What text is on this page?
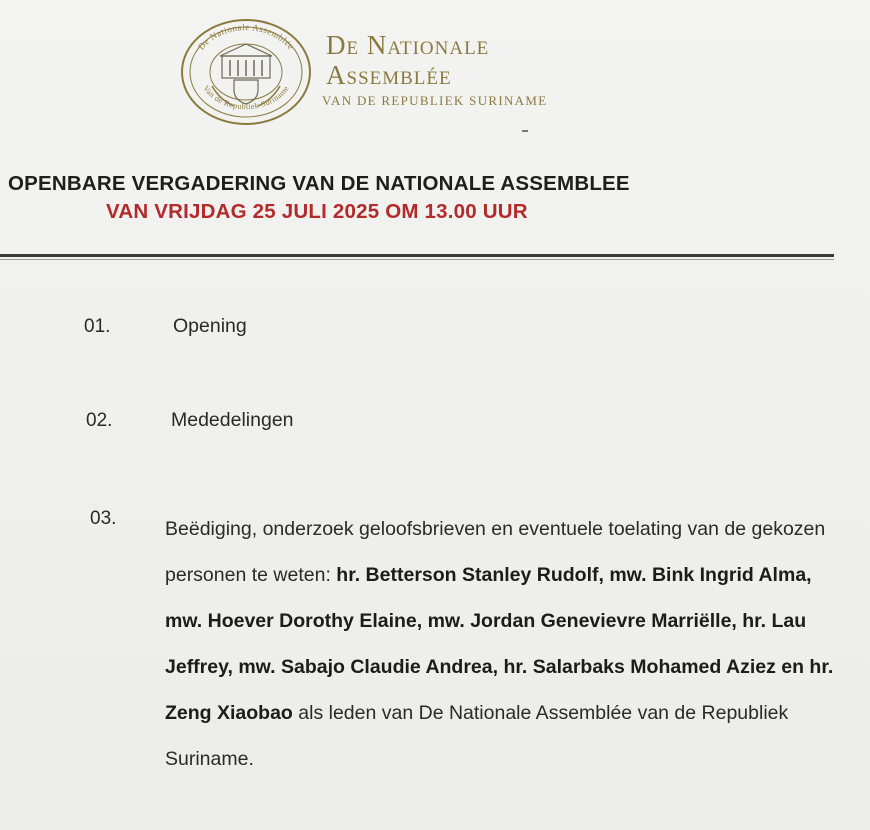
De Nationale Assemblée
Van de Republiek Suriname
De Nationale
Assemblée
VAN DE REPUBLIEK SURINAME
OPENBARE VERGADERING VAN DE NATIONALE ASSEMBLEE
VAN VRIJDAG 25 JULI 2025 OM 13.00 UUR
01.	Opening
02.	Mededelingen
03. Beëdiging, onderzoek geloofsbrieven en eventuele toelating van de gekozen personen te weten: hr. Betterson Stanley Rudolf, mw. Bink Ingrid Alma, mw. Hoever Dorothy Elaine, mw. Jordan Genevievre Marriëlle, hr. Lau Jeffrey, mw. Sabajo Claudie Andrea, hr. Salarbaks Mohamed Aziez en hr. Zeng Xiaobao als leden van De Nationale Assemblée van de Republiek Suriname.
